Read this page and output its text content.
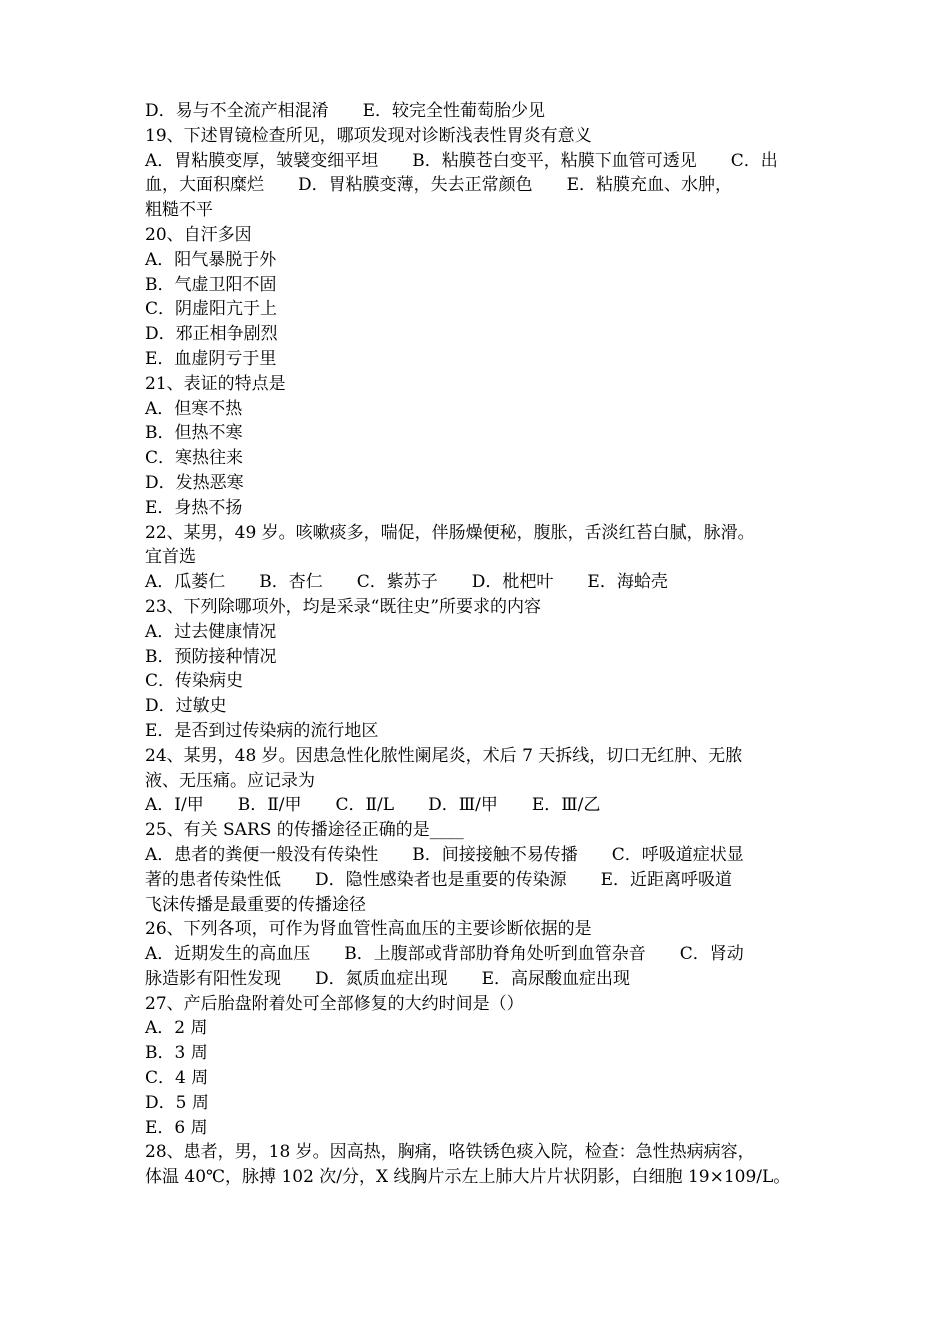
D．易与不全流产相混淆　　E．较完全性葡萄胎少见
19、下述胃镜检查所见，哪项发现对诊断浅表性胃炎有意义
A．胃粘膜变厚，皱襞变细平坦　　B．粘膜苍白变平，粘膜下血管可透见　　C．出
血，大面积糜烂　　D．胃粘膜变薄，失去正常颜色　　E．粘膜充血、水肿，
粗糙不平
20、自汗多因
A．阳气暴脱于外
B．气虚卫阳不固
C．阴虚阳亢于上
D．邪正相争剧烈
E．血虚阴亏于里
21、表证的特点是
A．但寒不热
B．但热不寒
C．寒热往来
D．发热恶寒
E．身热不扬
22、某男，49 岁。咳嗽痰多，喘促，伴肠燥便秘，腹胀，舌淡红苔白腻，脉滑。
宜首选
A．瓜蒌仁　　B．杏仁　　C．紫苏子　　D．枇杷叶　　E．海蛤壳
23、下列除哪项外，均是采录“既往史”所要求的内容
A．过去健康情况
B．预防接种情况
C．传染病史
D．过敏史
E．是否到过传染病的流行地区
24、某男，48 岁。因患急性化脓性阑尾炎，术后 7 天拆线，切口无红肿、无脓
液、无压痛。应记录为
A．Ⅰ/甲　　B．Ⅱ/甲　　C．Ⅱ/L　　D．Ⅲ/甲　　E．Ⅲ/乙
25、有关 SARS 的传播途径正确的是____
A．患者的粪便一般没有传染性　　B．间接接触不易传播　　C．呼吸道症状显
著的患者传染性低　　D．隐性感染者也是重要的传染源　　E．近距离呼吸道
飞沫传播是最重要的传播途径
26、下列各项，可作为肾血管性高血压的主要诊断依据的是
A．近期发生的高血压　　B．上腹部或背部肋脊角处听到血管杂音　　C．肾动
脉造影有阳性发现　　D．氮质血症出现　　E．高尿酸血症出现
27、产后胎盘附着处可全部修复的大约时间是（）
A．2 周
B．3 周
C．4 周
D．5 周
E．6 周
28、患者，男，18 岁。因高热，胸痛，咯铁锈色痰入院，检查：急性热病病容，
体温 40℃，脉搏 102 次/分，X 线胸片示左上肺大片片状阴影，白细胞 19×109/L。
